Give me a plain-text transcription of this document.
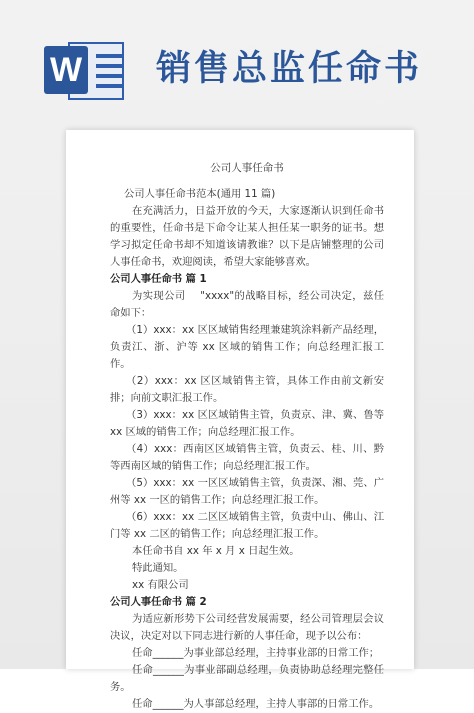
W 销售总监任命书

公司人事任命书

公司人事任命书范本(通用 11 篇)

在充满活力，日益开放的今天，大家逐渐认识到任命书的重要性，任命书是下命令让某人担任某一职务的证书。想学习拟定任命书却不知道该请教谁？以下是店铺整理的公司人事任命书，欢迎阅读，希望大家能够喜欢。

公司人事任命书 篇 1

为实现公司    "xxxx"的战略目标，经公司决定，兹任命如下：

（1）xxx：xx 区区域销售经理兼建筑涂料新产品经理，负责江、浙、沪等 xx 区域的销售工作；向总经理汇报工作。

（2）xxx：xx 区区域销售主管，具体工作由前文新安排；向前文职汇报工作。

（3）xxx：xx 区区域销售主管，负责京、津、冀、鲁等 xx 区域的销售工作；向总经理汇报工作。

（4）xxx：西南区区域销售主管，负责云、桂、川、黔等西南区域的销售工作；向总经理汇报工作。

（5）xxx：xx 一区区域销售主管，负责深、湘、莞、广州等 xx 一区的销售工作；向总经理汇报工作。

（6）xxx：xx 二区区域销售主管，负责中山、佛山、江门等 xx 二区的销售工作；向总经理汇报工作。

本任命书自 xx 年 x 月 x 日起生效。

特此通知。

xx 有限公司

公司人事任命书 篇 2

为适应新形势下公司经营发展需要，经公司管理层会议决议，决定对以下同志进行新的人事任命，现予以公布：

任命______为事业部总经理，主持事业部的日常工作；

任命______为事业部副总经理，负责协助总经理完整任务。

任命______为人事部总经理，主持人事部的日常工作。
